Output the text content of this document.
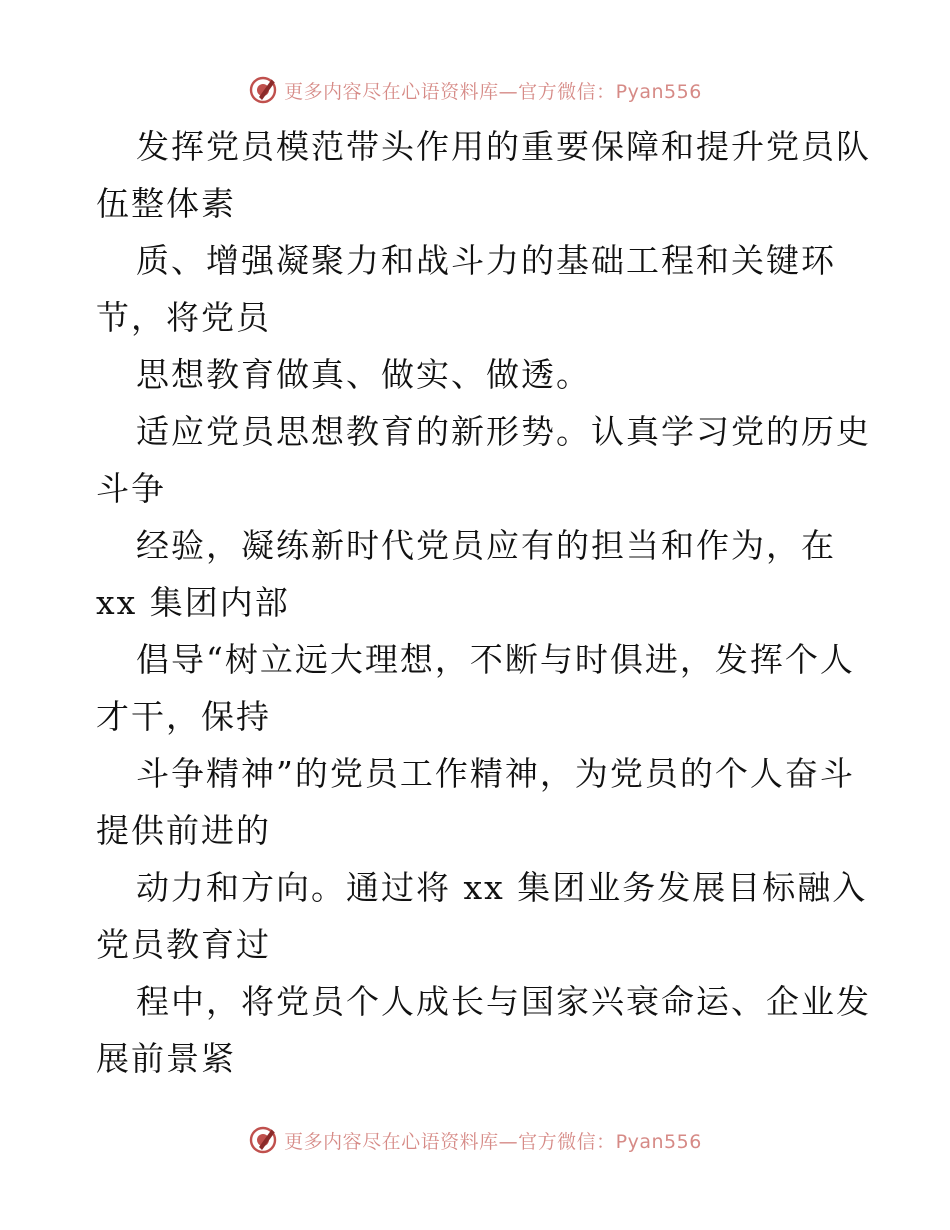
更多内容尽在心语资料库—官方微信：Pyan556
发挥党员模范带头作用的重要保障和提升党员队
伍整体素
质、增强凝聚力和战斗力的基础工程和关键环
节，将党员
思想教育做真、做实、做透。
适应党员思想教育的新形势。认真学习党的历史
斗争
经验，凝练新时代党员应有的担当和作为，在
xx 集团内部
倡导“树立远大理想，不断与时俱进，发挥个人
才干，保持
斗争精神”的党员工作精神，为党员的个人奋斗
提供前进的
动力和方向。通过将 xx 集团业务发展目标融入
党员教育过
程中，将党员个人成长与国家兴衰命运、企业发
展前景紧
更多内容尽在心语资料库—官方微信：Pyan556
